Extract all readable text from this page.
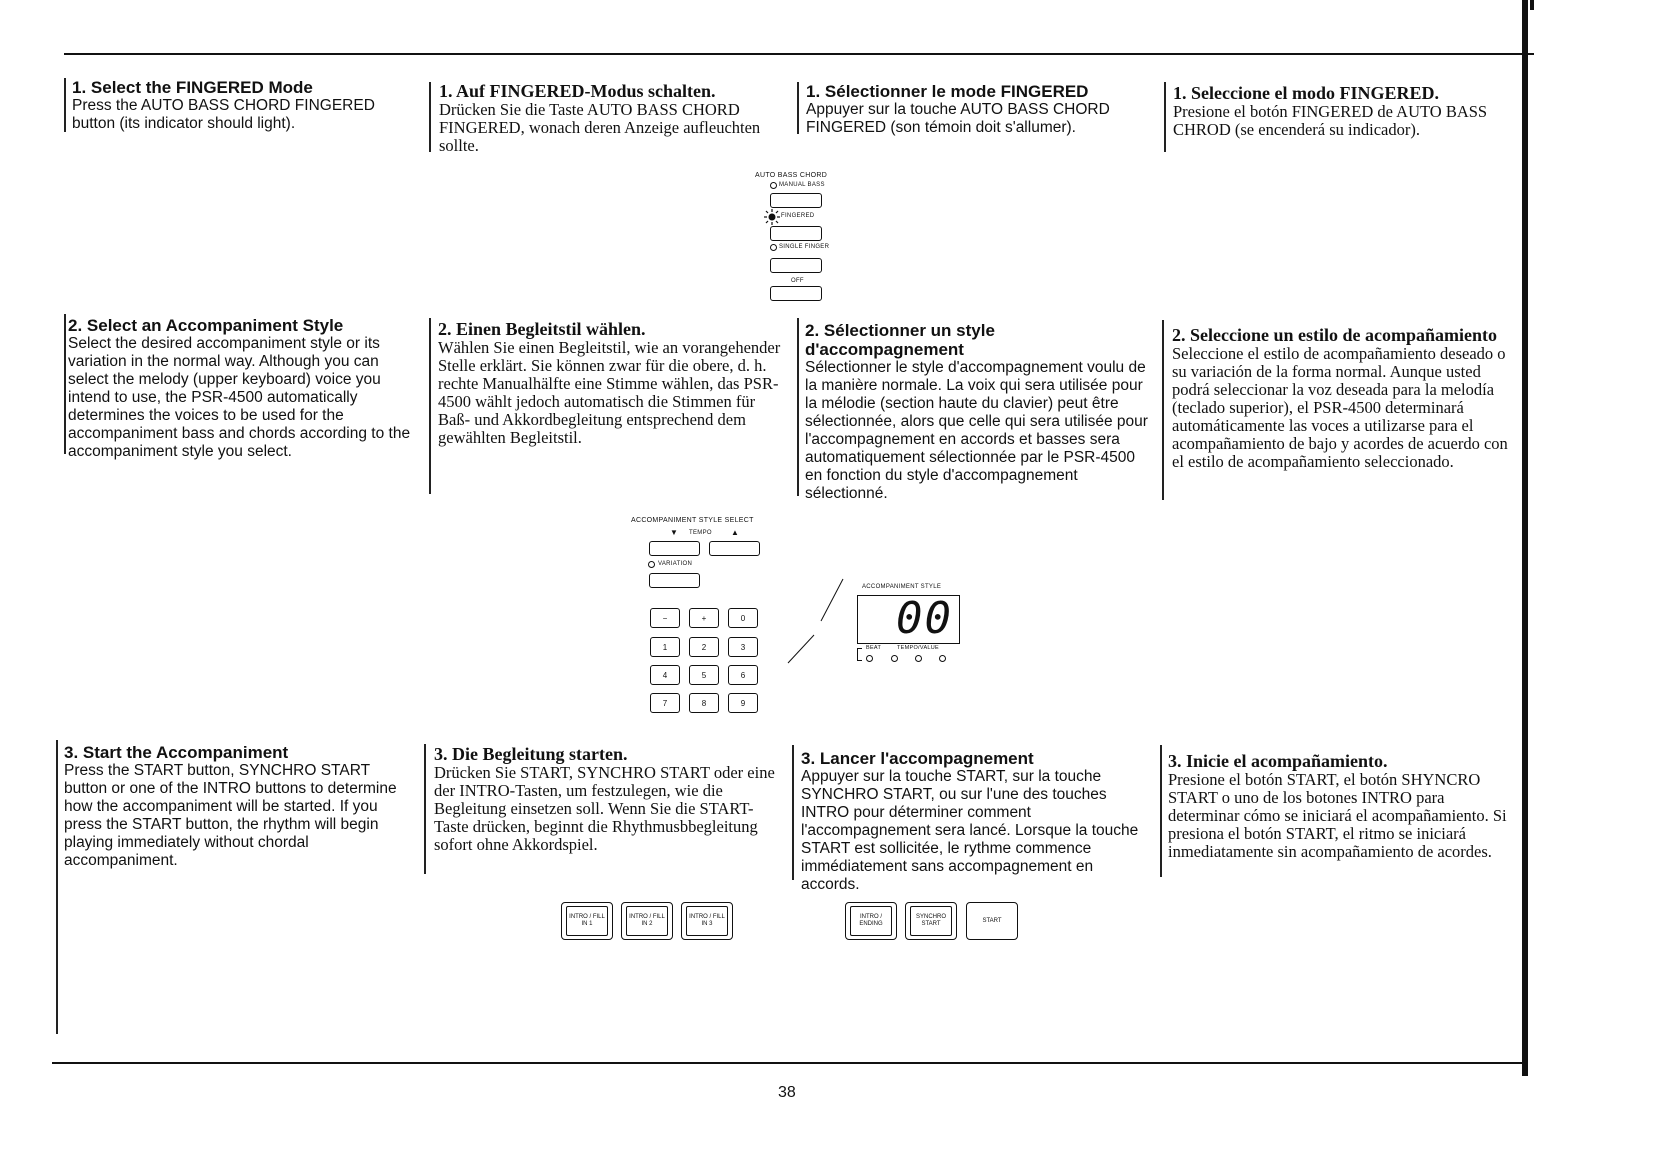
1. Select the FINGERED Mode

Press the AUTO BASS CHORD FINGERED button (its indicator should light).

1. Auf FINGERED-Modus schalten.

Drücken Sie die Taste AUTO BASS CHORD FINGERED, wonach deren Anzeige aufleuchten sollte.

1. Sélectionner le mode FINGERED

Appuyer sur la touche AUTO BASS CHORD FINGERED (son témoin doit s'allumer).

1. Seleccione el modo FINGERED.

Presione el botón FINGERED de AUTO BASS CHROD (se encenderá su indicador).

AUTO BASS CHORD
MANUAL BASS
FINGERED
SINGLE FINGER
OFF
2. Select an Accompaniment Style

Select the desired accompaniment style or its variation in the normal way. Although you can select the melody (upper keyboard) voice you intend to use, the PSR-4500 automatically determines the voices to be used for the accompaniment bass and chords according to the accompaniment style you select.

2. Einen Begleitstil wählen.

Wählen Sie einen Begleitstil, wie an vorangehender Stelle erklärt. Sie können zwar für die obere, d. h. rechte Manualhälfte eine Stimme wählen, das PSR-4500 wählt jedoch automatisch die Stimmen für Baß- und Akkordbegleitung entsprechend dem gewählten Begleitstil.

2. Sélectionner un style d'accompagnement

Sélectionner le style d'accompagnement voulu de la manière normale. La voix qui sera utilisée pour la mélodie (section haute du clavier) peut être sélectionnée, alors que celle qui sera utilisée pour l'accompagnement en accords et basses sera automatiquement sélectionnée par le PSR-4500 en fonction du style d'accompagnement sélectionné.

2. Seleccione un estilo de acompañamiento

Seleccione el estilo de acompañamiento deseado o su variación de la forma normal. Aunque usted podrá seleccionar la voz deseada para la melodía (teclado superior), el PSR-4500 determinará automáticamente las voces a utilizarse para el acompañamiento de bajo y acordes de acuerdo con el estilo de acompañamiento seleccionado.

ACCOMPANIMENT STYLE SELECT
▼ TEMPO ▲
VARIATION
−	+	0
1	2	3
4	5	6
7	8	9
ACCOMPANIMENT STYLE
00
BEAT	TEMPO/VALUE
3. Start the Accompaniment

Press the START button, SYNCHRO START button or one of the INTRO buttons to determine how the accompaniment will be started. If you press the START button, the rhythm will begin playing immediately without chordal accompaniment.

3. Die Begleitung starten.

Drücken Sie START, SYNCHRO START oder eine der INTRO-Tasten, um festzulegen, wie die Begleitung einsetzen soll. Wenn Sie die START-Taste drücken, beginnt die Rhythmusbbegleitung sofort ohne Akkordspiel.

3. Lancer l'accompagnement

Appuyer sur la touche START, sur la touche SYNCHRO START, ou sur l'une des touches INTRO pour déterminer comment l'accompagnement sera lancé. Lorsque la touche START est sollicitée, le rythme commence immédiatement sans accompagnement en accords.

3. Inicie el acompañamiento.

Presione el botón START, el botón SHYNCRO START o uno de los botones INTRO para determinar cómo se iniciará el acompañamiento. Si presiona el botón START, el ritmo se iniciará inmediatamente sin acompañamiento de acordes.

INTRO / FILL IN 1
INTRO / FILL IN 2
INTRO / FILL IN 3
INTRO / ENDING
SYNCHRO START
START
38
